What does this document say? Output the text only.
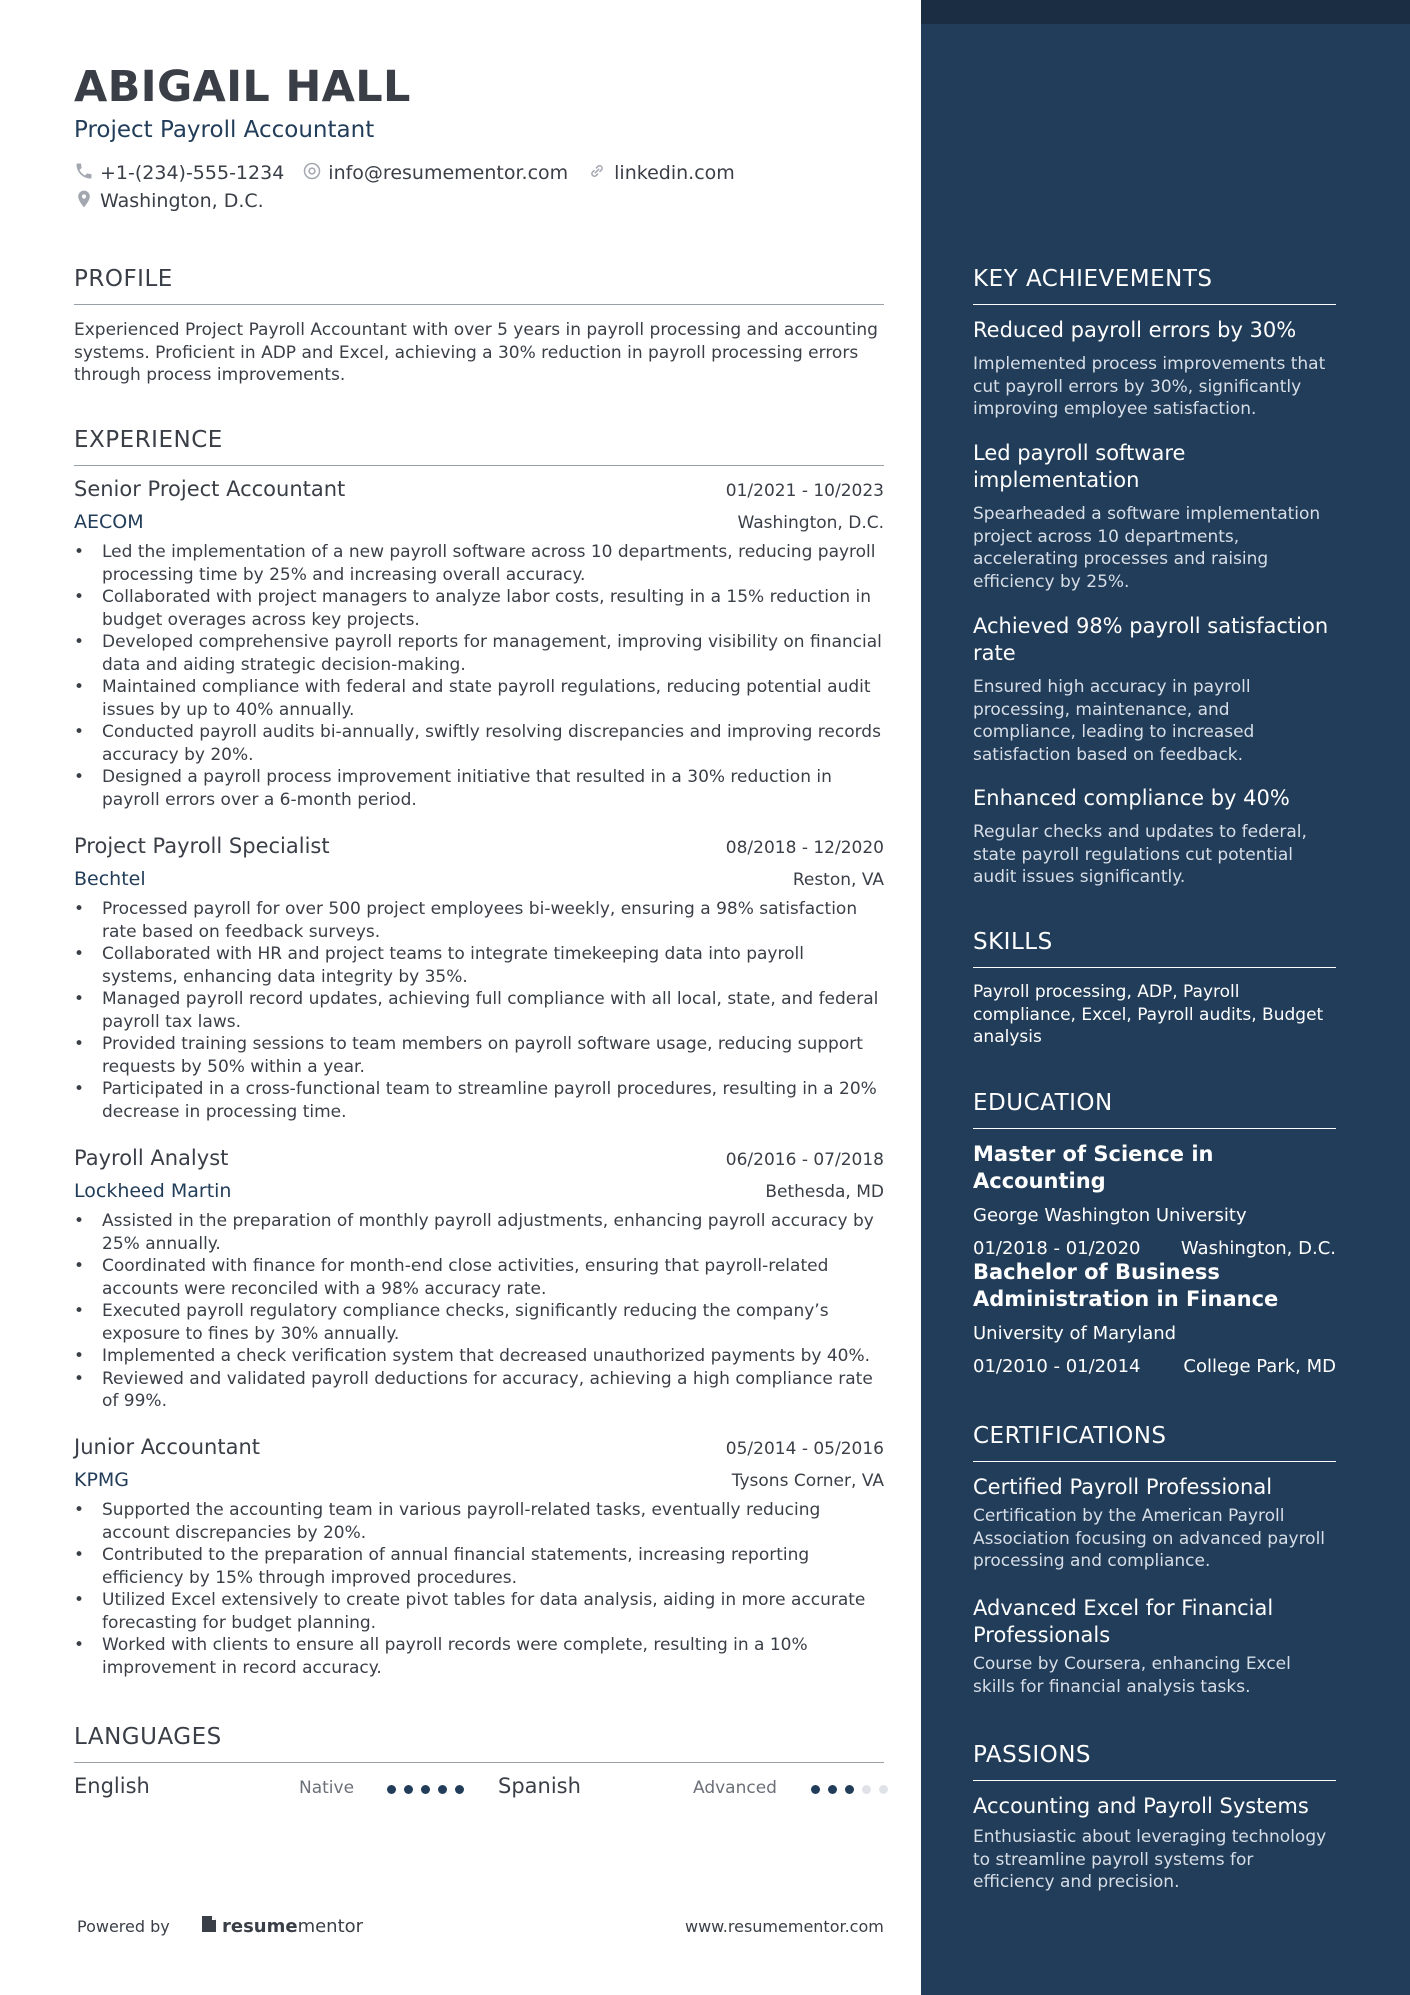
ABIGAIL HALL
Project Payroll Accountant
+1-(234)-555-1234 info@resumementor.com linkedin.com
Washington, D.C.
PROFILE
Experienced Project Payroll Accountant with over 5 years in payroll processing and accounting systems. Proficient in ADP and Excel, achieving a 30% reduction in payroll processing errors through process improvements.
EXPERIENCE
Senior Project Accountant	01/2021 - 10/2023
AECOM	Washington, D.C.
• Led the implementation of a new payroll software across 10 departments, reducing payroll processing time by 25% and increasing overall accuracy.
• Collaborated with project managers to analyze labor costs, resulting in a 15% reduction in budget overages across key projects.
• Developed comprehensive payroll reports for management, improving visibility on financial data and aiding strategic decision-making.
• Maintained compliance with federal and state payroll regulations, reducing potential audit issues by up to 40% annually.
• Conducted payroll audits bi-annually, swiftly resolving discrepancies and improving records accuracy by 20%.
• Designed a payroll process improvement initiative that resulted in a 30% reduction in payroll errors over a 6-month period.
Project Payroll Specialist	08/2018 - 12/2020
Bechtel	Reston, VA
• Processed payroll for over 500 project employees bi-weekly, ensuring a 98% satisfaction rate based on feedback surveys.
• Collaborated with HR and project teams to integrate timekeeping data into payroll systems, enhancing data integrity by 35%.
• Managed payroll record updates, achieving full compliance with all local, state, and federal payroll tax laws.
• Provided training sessions to team members on payroll software usage, reducing support requests by 50% within a year.
• Participated in a cross-functional team to streamline payroll procedures, resulting in a 20% decrease in processing time.
Payroll Analyst	06/2016 - 07/2018
Lockheed Martin	Bethesda, MD
• Assisted in the preparation of monthly payroll adjustments, enhancing payroll accuracy by 25% annually.
• Coordinated with finance for month-end close activities, ensuring that payroll-related accounts were reconciled with a 98% accuracy rate.
• Executed payroll regulatory compliance checks, significantly reducing the company’s exposure to fines by 30% annually.
• Implemented a check verification system that decreased unauthorized payments by 40%.
• Reviewed and validated payroll deductions for accuracy, achieving a high compliance rate of 99%.
Junior Accountant	05/2014 - 05/2016
KPMG	Tysons Corner, VA
• Supported the accounting team in various payroll-related tasks, eventually reducing account discrepancies by 20%.
• Contributed to the preparation of annual financial statements, increasing reporting efficiency by 15% through improved procedures.
• Utilized Excel extensively to create pivot tables for data analysis, aiding in more accurate forecasting for budget planning.
• Worked with clients to ensure all payroll records were complete, resulting in a 10% improvement in record accuracy.
LANGUAGES
English	Native	Spanish	Advanced
Powered by	resume mentor	www.resumementor.com
KEY ACHIEVEMENTS
Reduced payroll errors by 30%
Implemented process improvements that cut payroll errors by 30%, significantly improving employee satisfaction.
Led payroll software implementation
Spearheaded a software implementation project across 10 departments, accelerating processes and raising efficiency by 25%.
Achieved 98% payroll satisfaction rate
Ensured high accuracy in payroll processing, maintenance, and compliance, leading to increased satisfaction based on feedback.
Enhanced compliance by 40%
Regular checks and updates to federal, state payroll regulations cut potential audit issues significantly.
SKILLS
Payroll processing, ADP, Payroll compliance, Excel, Payroll audits, Budget analysis
EDUCATION
Master of Science in Accounting
George Washington University
01/2018 - 01/2020 Washington, D.C.
Bachelor of Business Administration in Finance
University of Maryland
01/2010 - 01/2014 College Park, MD
CERTIFICATIONS
Certified Payroll Professional
Certification by the American Payroll Association focusing on advanced payroll processing and compliance.
Advanced Excel for Financial Professionals
Course by Coursera, enhancing Excel skills for financial analysis tasks.
PASSIONS
Accounting and Payroll Systems
Enthusiastic about leveraging technology to streamline payroll systems for efficiency and precision.
